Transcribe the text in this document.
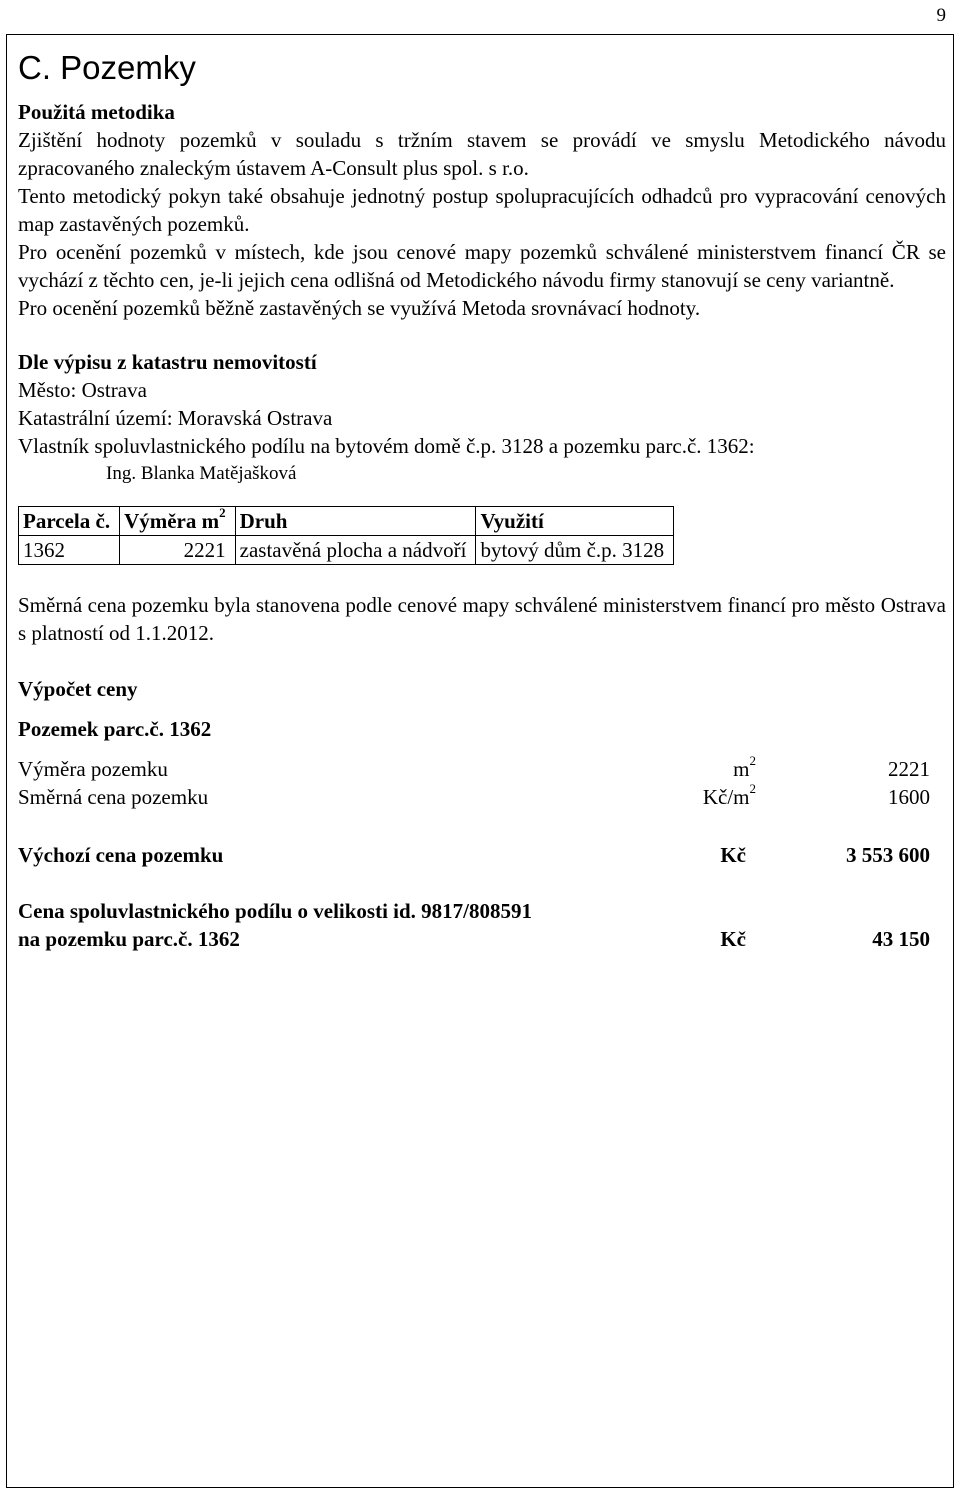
9
C. Pozemky

Použitá metodika

Zjištění hodnoty pozemků v souladu s tržním stavem se provádí ve smyslu Metodického návodu zpracovaného znaleckým ústavem A-Consult plus spol. s r.o.

Tento metodický pokyn také obsahuje jednotný postup spolupracujících odhadců pro vypracování cenových map zastavěných pozemků.

Pro ocenění pozemků v místech, kde jsou cenové mapy pozemků schválené ministerstvem financí ČR se vychází z těchto cen, je-li jejich cena odlišná od Metodického návodu firmy stanovují se ceny variantně.

Pro ocenění pozemků běžně zastavěných se využívá Metoda srovnávací hodnoty.

Dle výpisu z katastru nemovitostí

Město: Ostrava

Katastrální území: Moravská Ostrava

Vlastník spoluvlastnického podílu na bytovém domě č.p. 3128 a pozemku parc.č. 1362:

Ing. Blanka Matějašková

Parcela č.	Výměra $m^2$	Druh	Využití
1362	2221	zastavěná plocha a nádvoří	bytový dům č.p. 3128

Směrná cena pozemku byla stanovena podle cenové mapy schválené ministerstvem financí pro město Ostrava s platností od 1.1.2012.

Výpočet ceny

Pozemek parc.č. 1362

Výměra pozemku	$m^2$	2221
Směrná cena pozemku	$Kč/m^2$	1600
Výchozí cena pozemku	Kč	3 553 600
Cena spoluvlastnického podílu o velikosti id. 9817/808591
na pozemku parc.č. 1362	Kč	43 150
